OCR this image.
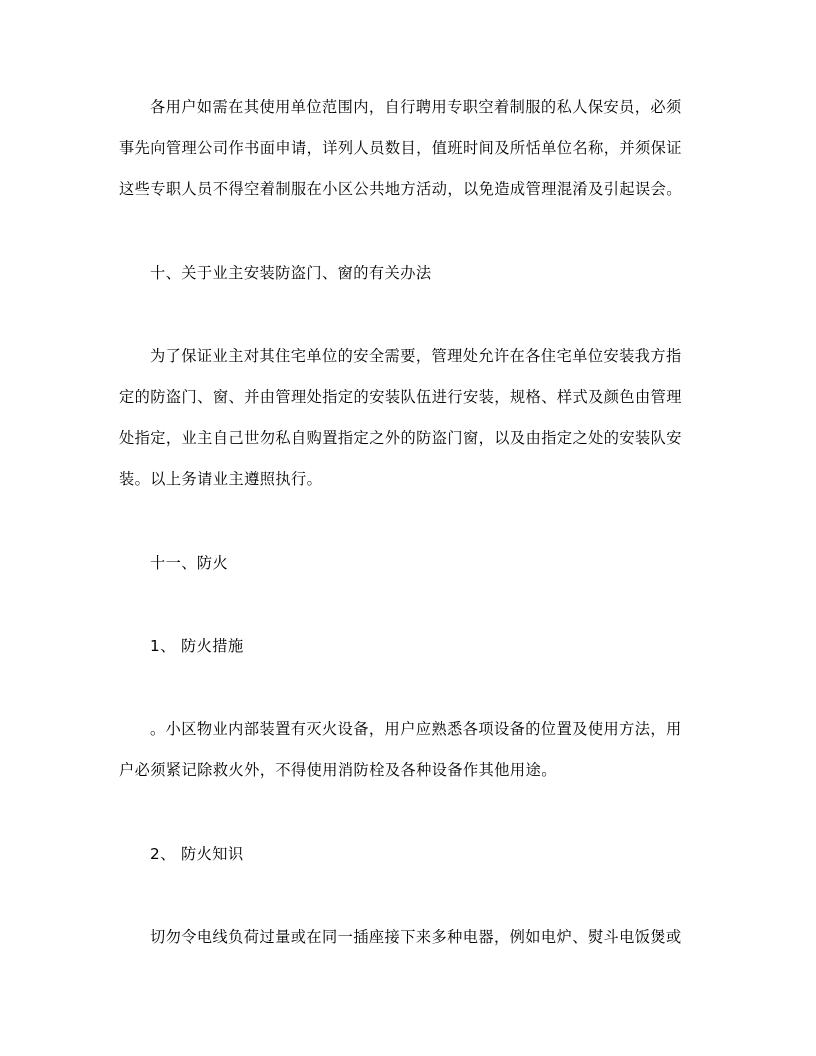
各用户如需在其使用单位范围内，自行聘用专职空着制服的私人保安员，必须
事先向管理公司作书面申请，详列人员数目，值班时间及所恬单位名称，并须保证
这些专职人员不得空着制服在小区公共地方活动，以免造成管理混淆及引起误会。
十、关于业主安装防盗门、窗的有关办法
为了保证业主对其住宅单位的安全需要，管理处允许在各住宅单位安装我方指
定的防盗门、窗、并由管理处指定的安装队伍进行安装，规格、样式及颜色由管理
处指定，业主自己世勿私自购置指定之外的防盗门窗，以及由指定之处的安装队安
装。以上务请业主遵照执行。
十一、防火
1、 防火措施
。小区物业内部装置有灭火设备，用户应熟悉各项设备的位置及使用方法，用
户必须紧记除救火外，不得使用消防栓及各种设备作其他用途。
2、 防火知识
切勿令电线负荷过量或在同一插座接下来多种电器，例如电炉、熨斗电饭煲或
